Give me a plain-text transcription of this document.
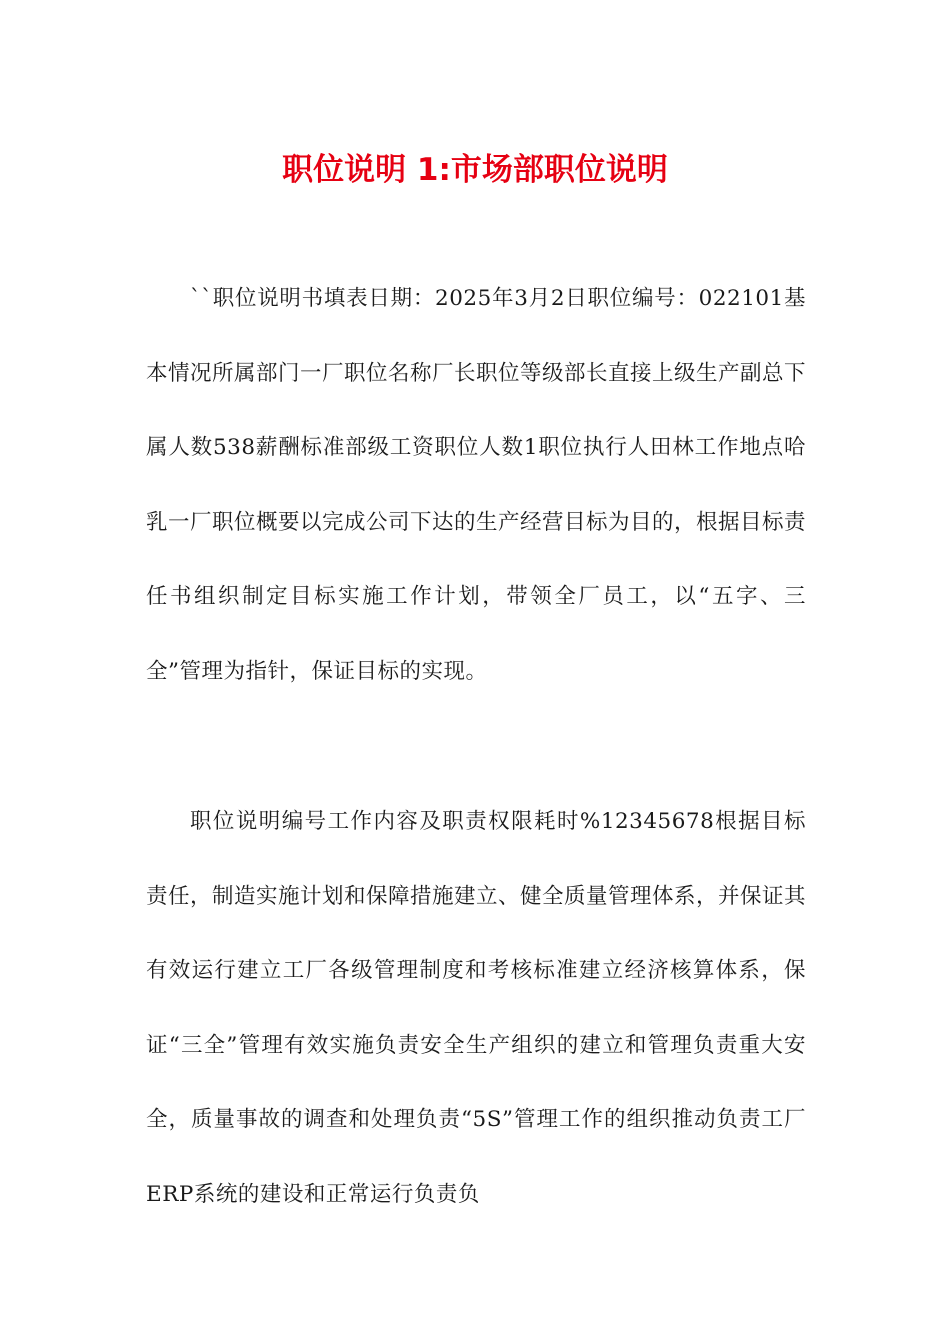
职位说明 1:市场部职位说明

``职位说明书填表日期：2025年3月2日职位编号：022101基本情况所属部门一厂职位名称厂长职位等级部长直接上级生产副总下属人数538薪酬标准部级工资职位人数1职位执行人田林工作地点哈乳一厂职位概要以完成公司下达的生产经营目标为目的，根据目标责任书组织制定目标实施工作计划，带领全厂员工，以“五字、三全”管理为指针，保证目标的实现。

职位说明编号工作内容及职责权限耗时%12345678根据目标责任，制造实施计划和保障措施建立、健全质量管理体系，并保证其有效运行建立工厂各级管理制度和考核标准建立经济核算体系，保证“三全”管理有效实施负责安全生产组织的建立和管理负责重大安全，质量事故的调查和处理负责“5S”管理工作的组织推动负责工厂ERP系统的建设和正常运行负责负
